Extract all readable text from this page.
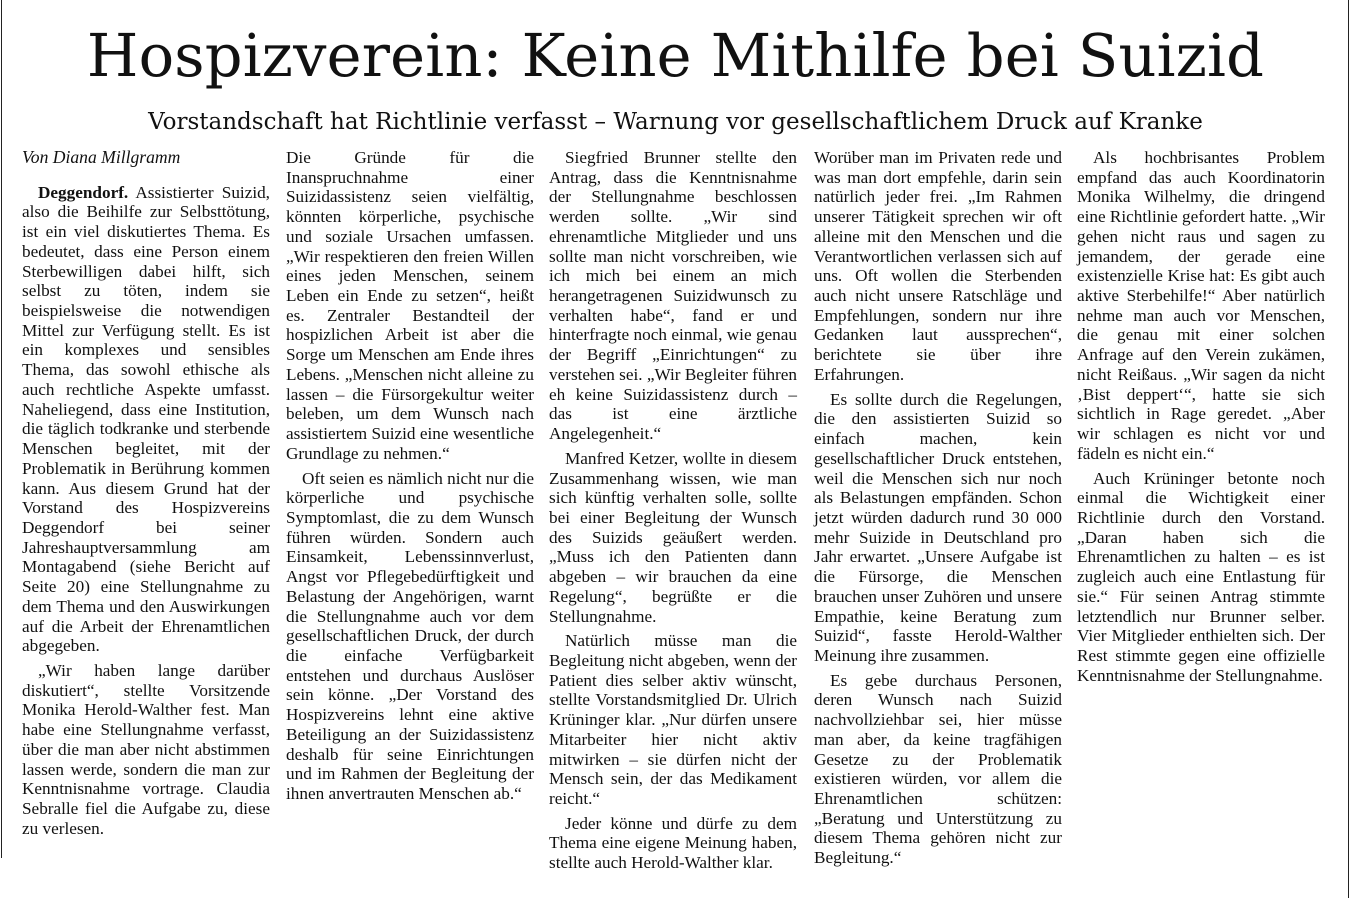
Hospizverein: Keine Mithilfe bei Suizid
Vorstandschaft hat Richtlinie verfasst – Warnung vor gesellschaftlichem Druck auf Kranke
Von Diana Millgramm

Deggendorf. Assistierter Suizid, also die Beihilfe zur Selbsttötung, ist ein viel diskutiertes Thema. Es bedeutet, dass eine Person einem Sterbewilligen dabei hilft, sich selbst zu töten, indem sie beispielsweise die notwendigen Mittel zur Verfügung stellt. Es ist ein komplexes und sensibles Thema, das sowohl ethische als auch rechtliche Aspekte umfasst. Naheliegend, dass eine Institution, die täglich todkranke und sterbende Menschen begleitet, mit der Problematik in Berührung kommen kann. Aus diesem Grund hat der Vorstand des Hospizvereins Deggendorf bei seiner Jahreshauptversammlung am Montagabend (siehe Bericht auf Seite 20) eine Stellungnahme zu dem Thema und den Auswirkungen auf die Arbeit der Ehrenamtlichen abgegeben.

„Wir haben lange darüber diskutiert“, stellte Vorsitzende Monika Herold-Walther fest. Man habe eine Stellungnahme verfasst, über die man aber nicht abstimmen lassen werde, sondern die man zur Kenntnisnahme vortrage. Claudia Sebralle fiel die Aufgabe zu, diese zu verlesen.

Die Gründe für die Inanspruchnahme einer Suizidassistenz seien vielfältig, könnten körperliche, psychische und soziale Ursachen umfassen. „Wir respektieren den freien Willen eines jeden Menschen, seinem Leben ein Ende zu setzen“, heißt es. Zentraler Bestandteil der hospizlichen Arbeit ist aber die Sorge um Menschen am Ende ihres Lebens. „Menschen nicht alleine zu lassen – die Fürsorgekultur weiter beleben, um dem Wunsch nach assistiertem Suizid eine wesentliche Grundlage zu nehmen.“

Oft seien es nämlich nicht nur die körperliche und psychische Symptomlast, die zu dem Wunsch führen würden. Sondern auch Einsamkeit, Lebenssinnverlust, Angst vor Pflegebedürftigkeit und Belastung der Angehörigen, warnt die Stellungnahme auch vor dem gesellschaftlichen Druck, der durch die einfache Verfügbarkeit entstehen und durchaus Auslöser sein könne. „Der Vorstand des Hospizvereins lehnt eine aktive Beteiligung an der Suizidassistenz deshalb für seine Einrichtungen und im Rahmen der Begleitung der ihnen anvertrauten Menschen ab.“

Siegfried Brunner stellte den Antrag, dass die Kenntnisnahme der Stellungnahme beschlossen werden sollte. „Wir sind ehrenamtliche Mitglieder und uns sollte man nicht vorschreiben, wie ich mich bei einem an mich herangetragenen Suizidwunsch zu verhalten habe“, fand er und hinterfragte noch einmal, wie genau der Begriff „Einrichtungen“ zu verstehen sei. „Wir Begleiter führen eh keine Suizidassistenz durch – das ist eine ärztliche Angelegenheit.“

Manfred Ketzer, wollte in diesem Zusammenhang wissen, wie man sich künftig verhalten solle, sollte bei einer Begleitung der Wunsch des Suizids geäußert werden. „Muss ich den Patienten dann abgeben – wir brauchen da eine Regelung“, begrüßte er die Stellungnahme.

Natürlich müsse man die Begleitung nicht abgeben, wenn der Patient dies selber aktiv wünscht, stellte Vorstandsmitglied Dr. Ulrich Krüninger klar. „Nur dürfen unsere Mitarbeiter hier nicht aktiv mitwirken – sie dürfen nicht der Mensch sein, der das Medikament reicht.“

Jeder könne und dürfe zu dem Thema eine eigene Meinung haben, stellte auch Herold-Walther klar.

Worüber man im Privaten rede und was man dort empfehle, darin sein natürlich jeder frei. „Im Rahmen unserer Tätigkeit sprechen wir oft alleine mit den Menschen und die Verantwortlichen verlassen sich auf uns. Oft wollen die Sterbenden auch nicht unsere Ratschläge und Empfehlungen, sondern nur ihre Gedanken laut aussprechen“, berichtete sie über ihre Erfahrungen.

Es sollte durch die Regelungen, die den assistierten Suizid so einfach machen, kein gesellschaftlicher Druck entstehen, weil die Menschen sich nur noch als Belastungen empfänden. Schon jetzt würden dadurch rund 30 000 mehr Suizide in Deutschland pro Jahr erwartet. „Unsere Aufgabe ist die Fürsorge, die Menschen brauchen unser Zuhören und unsere Empathie, keine Beratung zum Suizid“, fasste Herold-Walther Meinung ihre zusammen.

Es gebe durchaus Personen, deren Wunsch nach Suizid nachvollziehbar sei, hier müsse man aber, da keine tragfähigen Gesetze zu der Problematik existieren würden, vor allem die Ehrenamtlichen schützen: „Beratung und Unterstützung zu diesem Thema gehören nicht zur Begleitung.“

Als hochbrisantes Problem empfand das auch Koordinatorin Monika Wilhelmy, die dringend eine Richtlinie gefordert hatte. „Wir gehen nicht raus und sagen zu jemandem, der gerade eine existenzielle Krise hat: Es gibt auch aktive Sterbehilfe!“ Aber natürlich nehme man auch vor Menschen, die genau mit einer solchen Anfrage auf den Verein zukämen, nicht Reißaus. „Wir sagen da nicht ‚Bist deppert‘“, hatte sie sich sichtlich in Rage geredet. „Aber wir schlagen es nicht vor und fädeln es nicht ein.“

Auch Krüninger betonte noch einmal die Wichtigkeit einer Richtlinie durch den Vorstand. „Daran haben sich die Ehrenamtlichen zu halten – es ist zugleich auch eine Entlastung für sie.“ Für seinen Antrag stimmte letztendlich nur Brunner selber. Vier Mitglieder enthielten sich. Der Rest stimmte gegen eine offizielle Kenntnisnahme der Stellungnahme.
